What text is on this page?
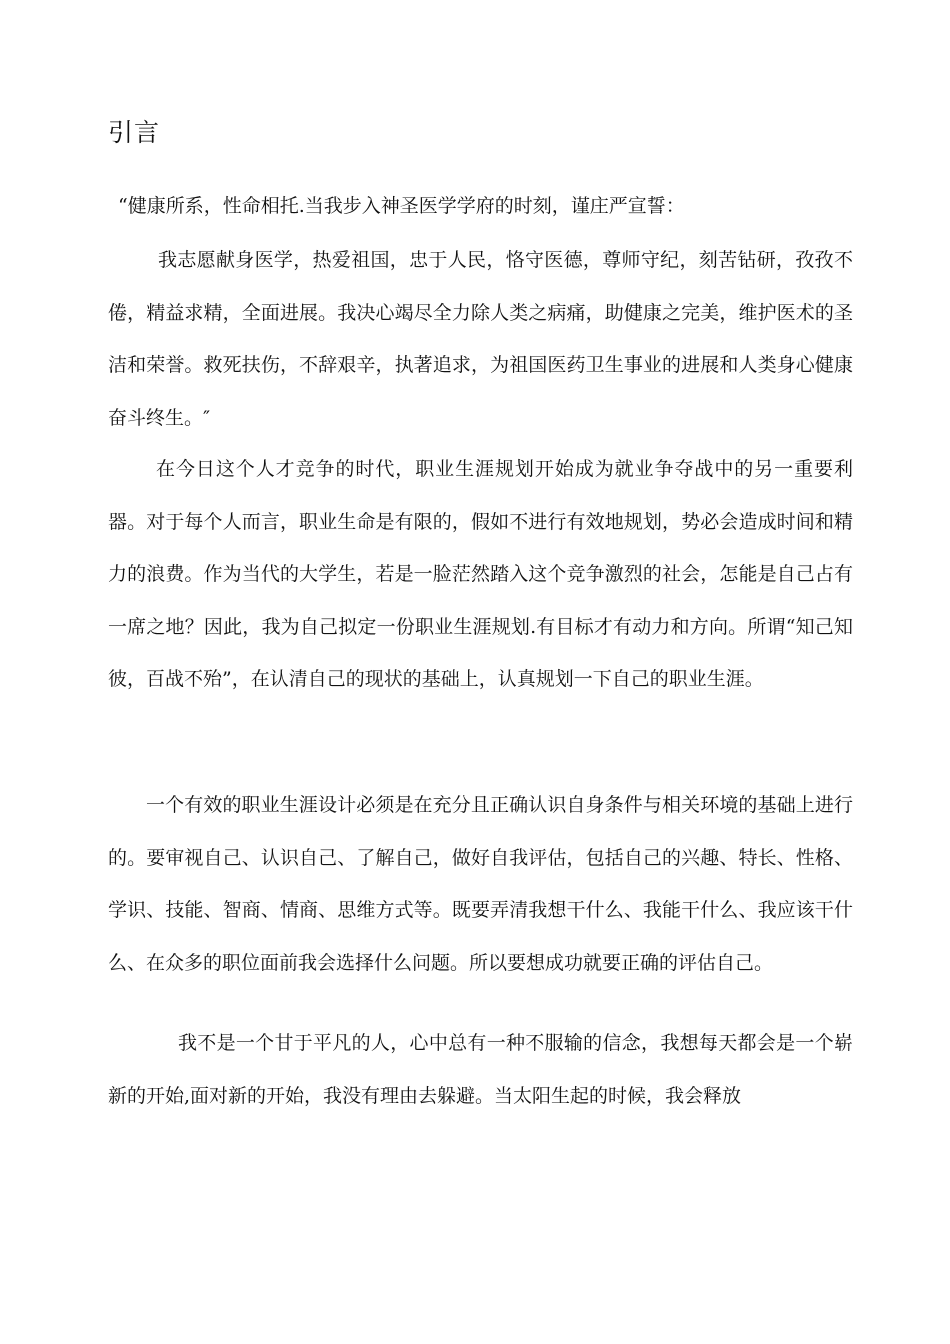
引言

“健康所系，性命相托.当我步入神圣医学学府的时刻，谨庄严宣誓：

我志愿献身医学，热爱祖国，忠于人民，恪守医德，尊师守纪，刻苦钻研，孜孜不倦，精益求精，全面进展。我决心竭尽全力除人类之病痛，助健康之完美，维护医术的圣洁和荣誉。救死扶伤，不辞艰辛，执著追求，为祖国医药卫生事业的进展和人类身心健康奋斗终生。″

在今日这个人才竞争的时代，职业生涯规划开始成为就业争夺战中的另一重要利器。对于每个人而言，职业生命是有限的，假如不进行有效地规划，势必会造成时间和精力的浪费。作为当代的大学生，若是一脸茫然踏入这个竞争激烈的社会，怎能是自己占有一席之地？因此，我为自己拟定一份职业生涯规划.有目标才有动力和方向。所谓“知己知彼，百战不殆”，在认清自己的现状的基础上，认真规划一下自己的职业生涯。

一个有效的职业生涯设计必须是在充分且正确认识自身条件与相关环境的基础上进行的。要审视自己、认识自己、了解自己，做好自我评估，包括自己的兴趣、特长、性格、学识、技能、智商、情商、思维方式等。既要弄清我想干什么、我能干什么、我应该干什么、在众多的职位面前我会选择什么问题。所以要想成功就要正确的评估自己。

我不是一个甘于平凡的人，心中总有一种不服输的信念，我想每天都会是一个崭新的开始,面对新的开始，我没有理由去躲避。当太阳生起的时候，我会释放
